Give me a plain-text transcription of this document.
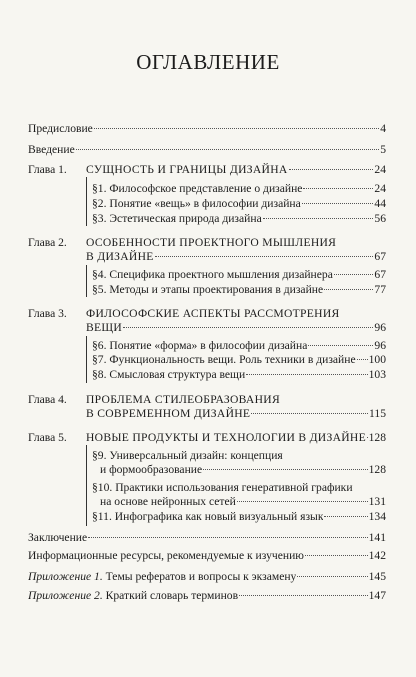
ОГЛАВЛЕНИЕ
Предисловие	4
Введение	5
Глава 1. СУЩНОСТЬ И ГРАНИЦЫ ДИЗАЙНА	24
§1. Философское представление о дизайне	24
§2. Понятие «вещь» в философии дизайна	44
§3. Эстетическая природа дизайна	56
Глава 2. ОСОБЕННОСТИ ПРОЕКТНОГО МЫШЛЕНИЯ
В ДИЗАЙНЕ	67
§4. Специфика проектного мышления дизайнера	67
§5. Методы и этапы проектирования в дизайне	77
Глава 3. ФИЛОСОФСКИЕ АСПЕКТЫ РАССМОТРЕНИЯ
ВЕЩИ	96
§6. Понятие «форма» в философии дизайна	96
§7. Функциональность вещи. Роль техники в дизайне 100
§8. Смысловая структура вещи	103
Глава 4. ПРОБЛЕМА СТИЛЕОБРАЗОВАНИЯ
В СОВРЕМЕННОМ ДИЗАЙНЕ	115
Глава 5. НОВЫЕ ПРОДУКТЫ И ТЕХНОЛОГИИ В ДИЗАЙНЕ 128
§9. Универсальный дизайн: концепция
и формообразование	128
§10. Практики использования генеративной графики
на основе нейронных сетей	131
§11. Инфографика как новый визуальный язык	134
Заключение	141
Информационные ресурсы, рекомендуемые к изучению	142
Приложение 1. Темы рефератов и вопросы к экзамену	145
Приложение 2. Краткий словарь терминов	147
